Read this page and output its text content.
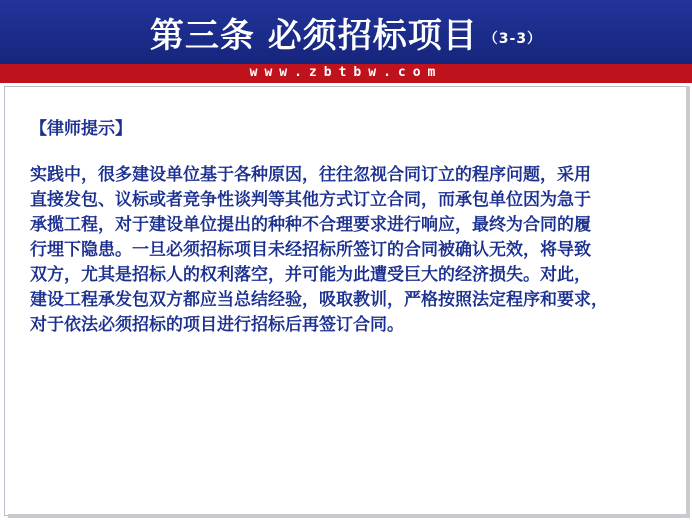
第三条 必须招标项目 （3-3）
www.zbtbw.com
【律师提示】
实践中，很多建设单位基于各种原因，往往忽视合同订立的程序问题，采用
直接发包、议标或者竞争性谈判等其他方式订立合同，而承包单位因为急于
承揽工程，对于建设单位提出的种种不合理要求进行响应，最终为合同的履
行埋下隐患。一旦必须招标项目未经招标所签订的合同被确认无效，将导致
双方，尤其是招标人的权利落空，并可能为此遭受巨大的经济损失。对此，
建设工程承发包双方都应当总结经验，吸取教训，严格按照法定程序和要求，
对于依法必须招标的项目进行招标后再签订合同。
